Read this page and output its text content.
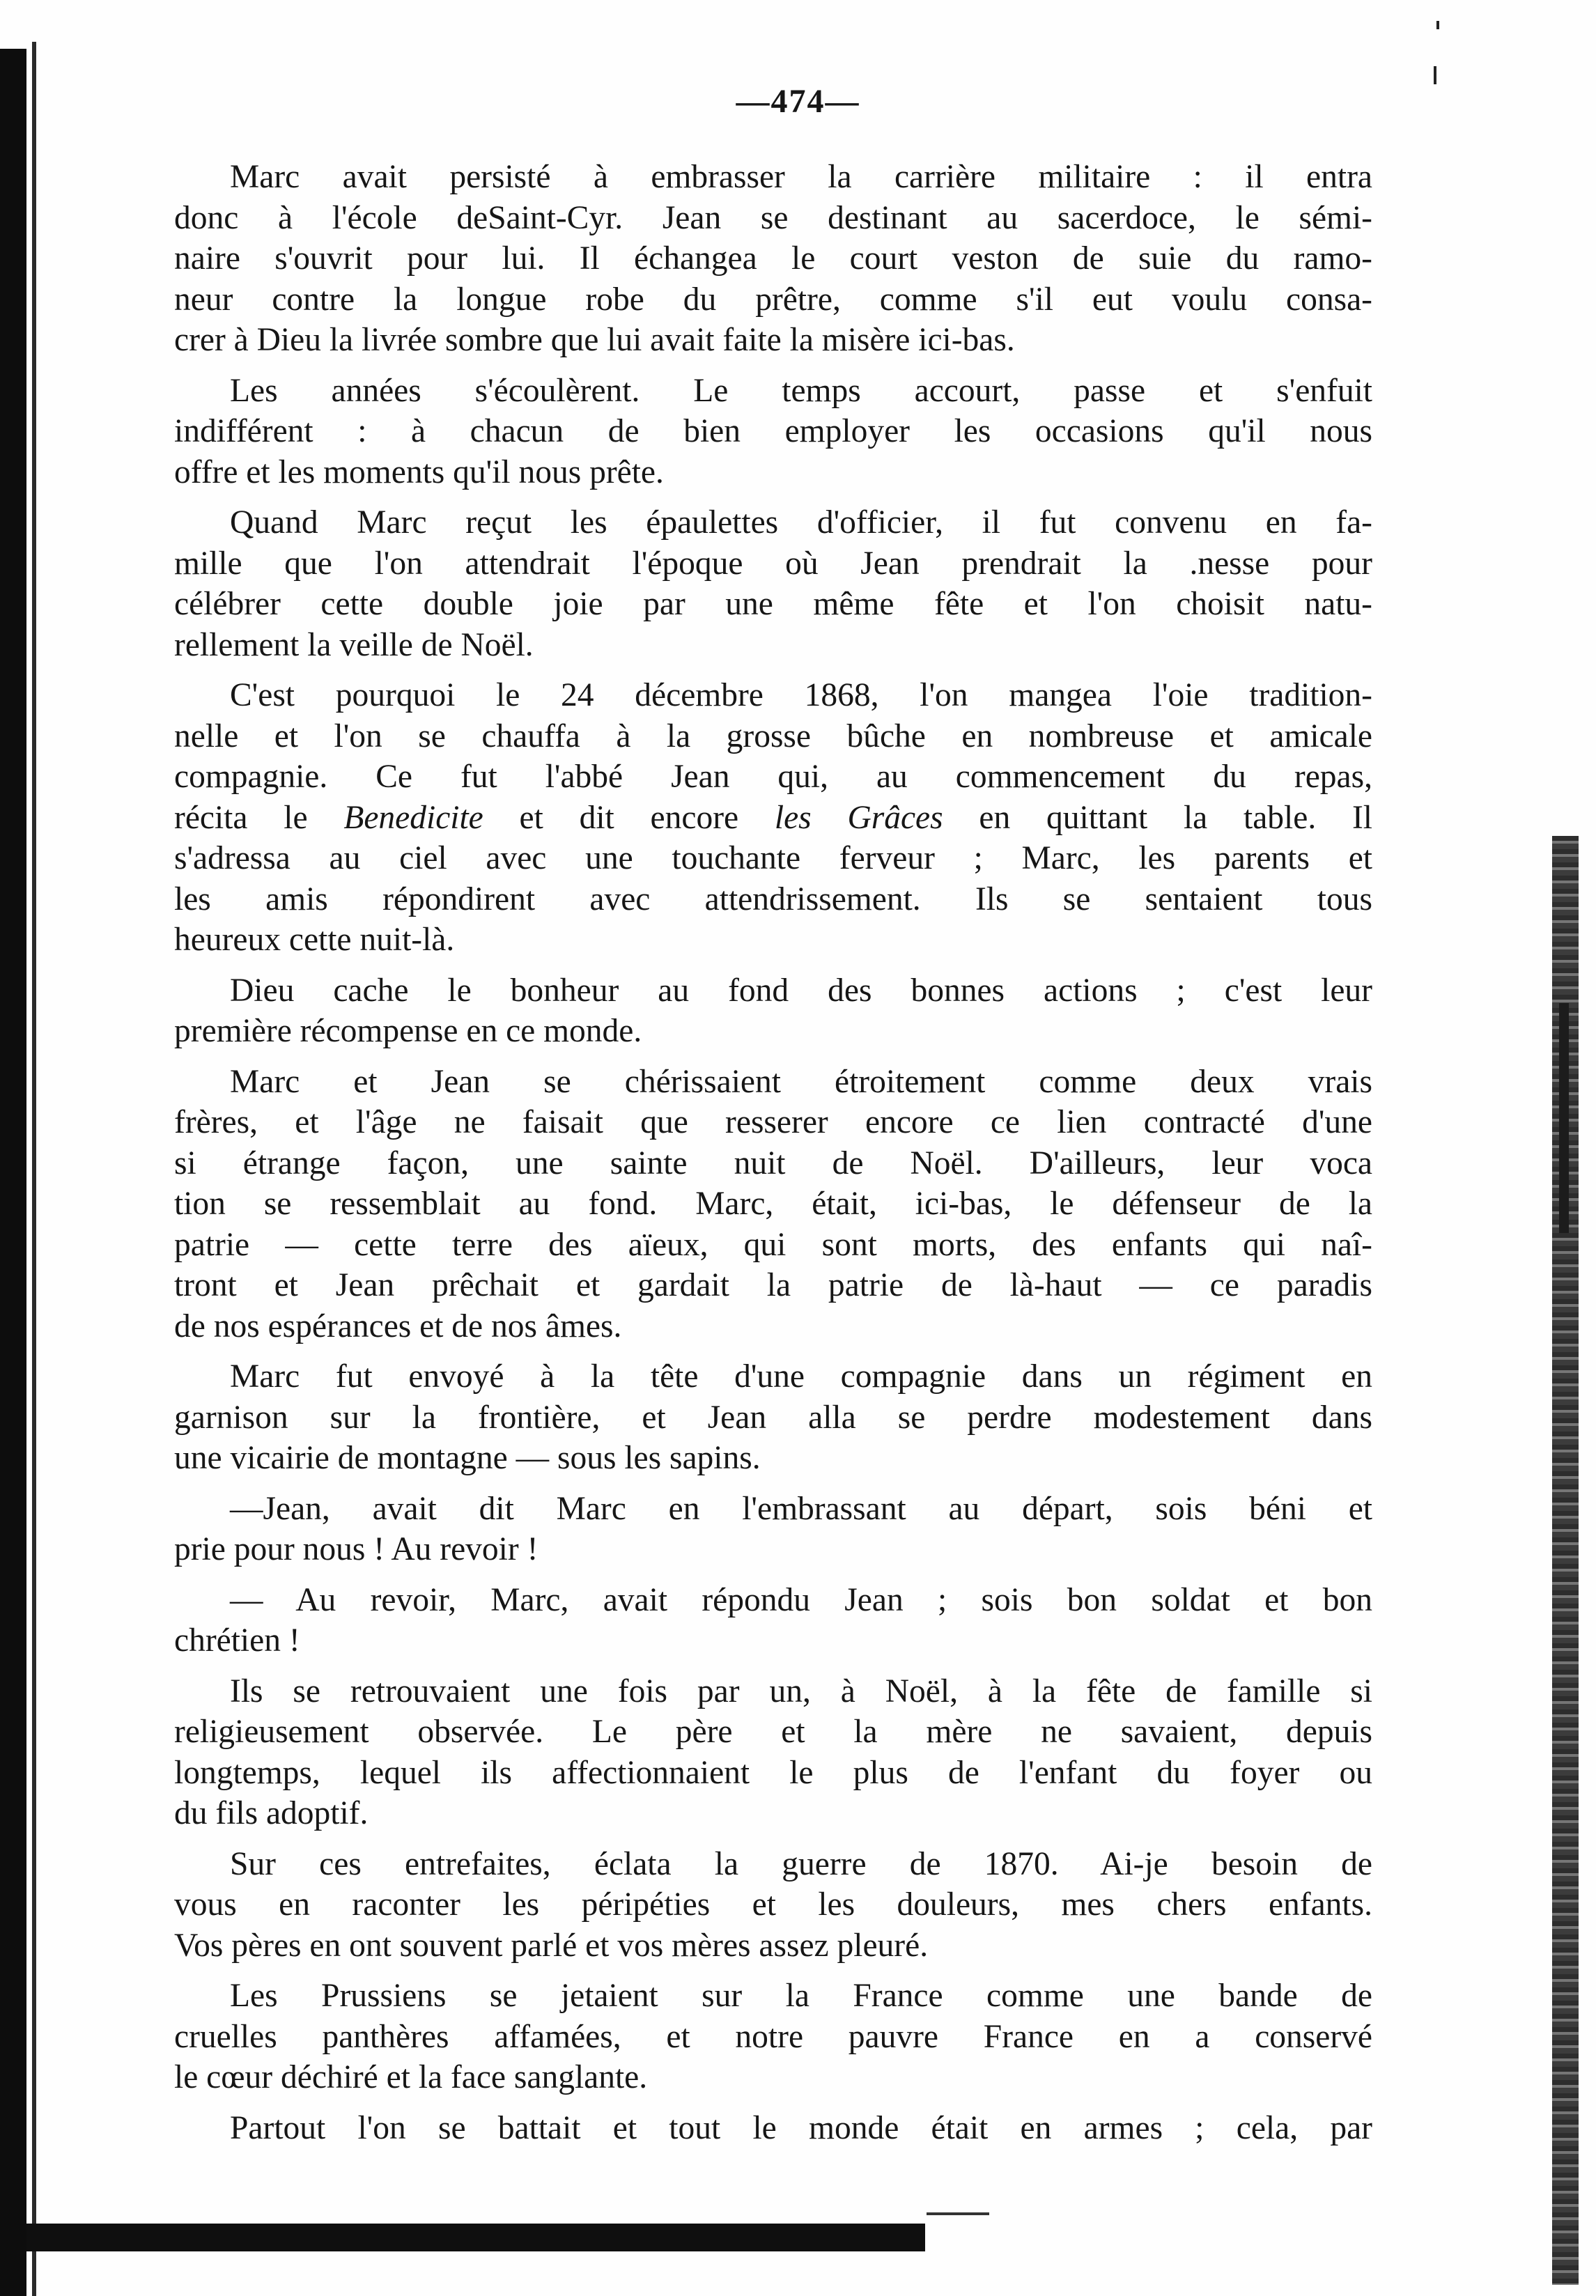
—474—

Marc avait persisté à embrasser la carrière militaire : il entra
donc à l'école deSaint-Cyr. Jean se destinant au sacerdoce, le sémi-
naire s'ouvrit pour lui. Il échangea le court veston de suie du ramo-
neur contre la longue robe du prêtre, comme s'il eut voulu consa-
crer à Dieu la livrée sombre que lui avait faite la misère ici-bas.

Les années s'écoulèrent. Le temps accourt, passe et s'enfuit
indifférent : à chacun de bien employer les occasions qu'il nous
offre et les moments qu'il nous prête.

Quand Marc reçut les épaulettes d'officier, il fut convenu en fa-
mille que l'on attendrait l'époque où Jean prendrait la .nesse pour
célébrer cette double joie par une même fête et l'on choisit natu-
rellement la veille de Noël.

C'est pourquoi le 24 décembre 1868, l'on mangea l'oie tradition-
nelle et l'on se chauffa à la grosse bûche en nombreuse et amicale
compagnie. Ce fut l'abbé Jean qui, au commencement du repas,
récita le Benedicite et dit encore les Grâces en quittant la table. Il
s'adressa au ciel avec une touchante ferveur ; Marc, les parents et
les amis répondirent avec attendrissement. Ils se sentaient tous
heureux cette nuit-là.

Dieu cache le bonheur au fond des bonnes actions ; c'est leur
première récompense en ce monde.

Marc et Jean se chérissaient étroitement comme deux vrais
frères, et l'âge ne faisait que resserer encore ce lien contracté d'une
si étrange façon, une sainte nuit de Noël. D'ailleurs, leur voca
tion se ressemblait au fond. Marc, était, ici-bas, le défenseur de la
patrie — cette terre des aïeux, qui sont morts, des enfants qui naî-
tront et Jean prêchait et gardait la patrie de là-haut — ce paradis
de nos espérances et de nos âmes.

Marc fut envoyé à la tête d'une compagnie dans un régiment en
garnison sur la frontière, et Jean alla se perdre modestement dans
une vicairie de montagne — sous les sapins.

—Jean, avait dit Marc en l'embrassant au départ, sois béni et
prie pour nous ! Au revoir !

— Au revoir, Marc, avait répondu Jean ; sois bon soldat et bon
chrétien !

Ils se retrouvaient une fois par un, à Noël, à la fête de famille si
religieusement observée. Le père et la mère ne savaient, depuis
longtemps, lequel ils affectionnaient le plus de l'enfant du foyer ou
du fils adoptif.

Sur ces entrefaites, éclata la guerre de 1870. Ai-je besoin de
vous en raconter les péripéties et les douleurs, mes chers enfants.
Vos pères en ont souvent parlé et vos mères assez pleuré.

Les Prussiens se jetaient sur la France comme une bande de
cruelles panthères affamées, et notre pauvre France en a conservé
le cœur déchiré et la face sanglante.

Partout l'on se battait et tout le monde était en armes ; cela, par
